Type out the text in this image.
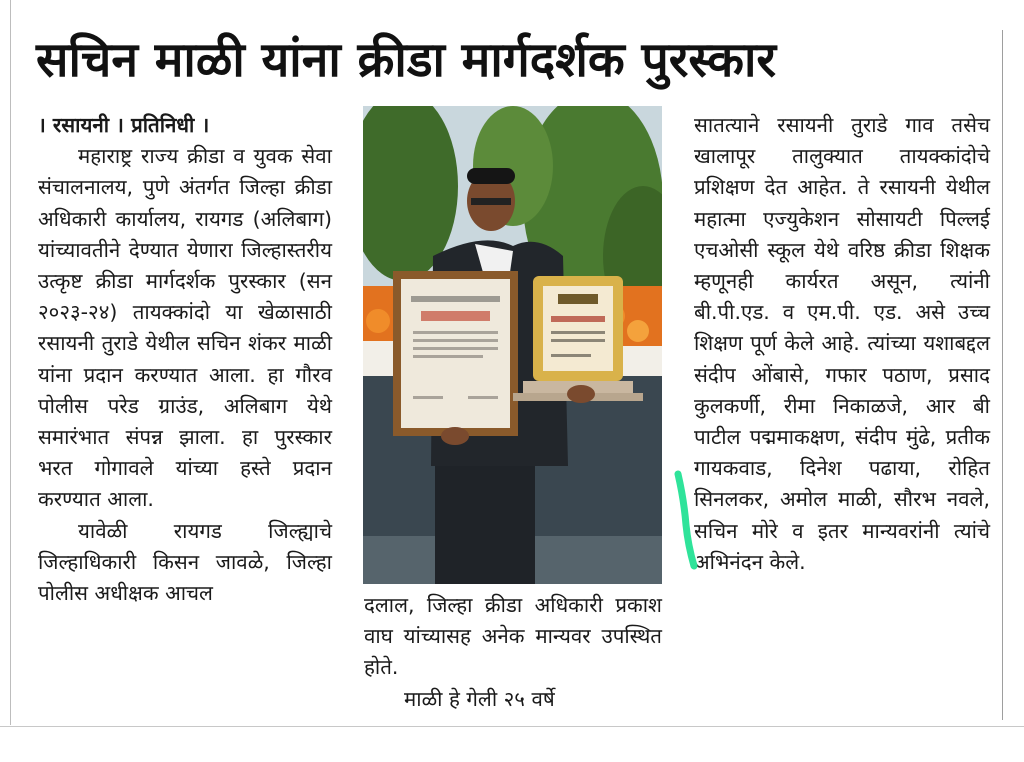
सचिन माळी यांना क्रीडा मार्गदर्शक पुरस्कार

। रसायनी । प्रतिनिधी ।

महाराष्ट्र राज्य क्रीडा व युवक सेवा संचालनालय, पुणे अंतर्गत जिल्हा क्रीडा अधिकारी कार्यालय, रायगड (अलिबाग) यांच्यावतीने देण्यात येणारा जिल्हास्तरीय उत्कृष्ट क्रीडा मार्गदर्शक पुरस्कार (सन २०२३-२४) तायक्कांदो या खेळासाठी रसायनी तुराडे येथील सचिन शंकर माळी यांना प्रदान करण्यात आला. हा गौरव पोलीस परेड ग्राउंड, अलिबाग येथे समारंभात संपन्न झाला. हा पुरस्कार भरत गोगावले यांच्या हस्ते प्रदान करण्यात आला.

यावेळी रायगड जिल्ह्याचे जिल्हाधिकारी किसन जावळे, जिल्हा पोलीस अधीक्षक आचल	दलाल, जिल्हा क्रीडा अधिकारी प्रकाश वाघ यांच्यासह अनेक मान्यवर उपस्थित होते.

माळी हे गेली २५ वर्षे

सातत्याने रसायनी तुराडे गाव तसेच खालापूर तालुक्यात तायक्कांदोचे प्रशिक्षण देत आहेत. ते रसायनी येथील महात्मा एज्युकेशन सोसायटी पिल्लई एचओसी स्कूल येथे वरिष्ठ क्रीडा शिक्षक म्हणूनही कार्यरत असून, त्यांनी बी.पी.एड. व एम.पी. एड. असे उच्च शिक्षण पूर्ण केले आहे. त्यांच्या यशाबद्दल संदीप ओंबासे, गफार पठाण, प्रसाद कुलकर्णी, रीमा निकाळजे, आर बी पाटील पद्ममाकक्षण, संदीप मुंढे, प्रतीक गायकवाड, दिनेश पढाया, रोहित सिनलकर, अमोल माळी, सौरभ नवले, सचिन मोरे व इतर मान्यवरांनी त्यांचे अभिनंदन केले.
